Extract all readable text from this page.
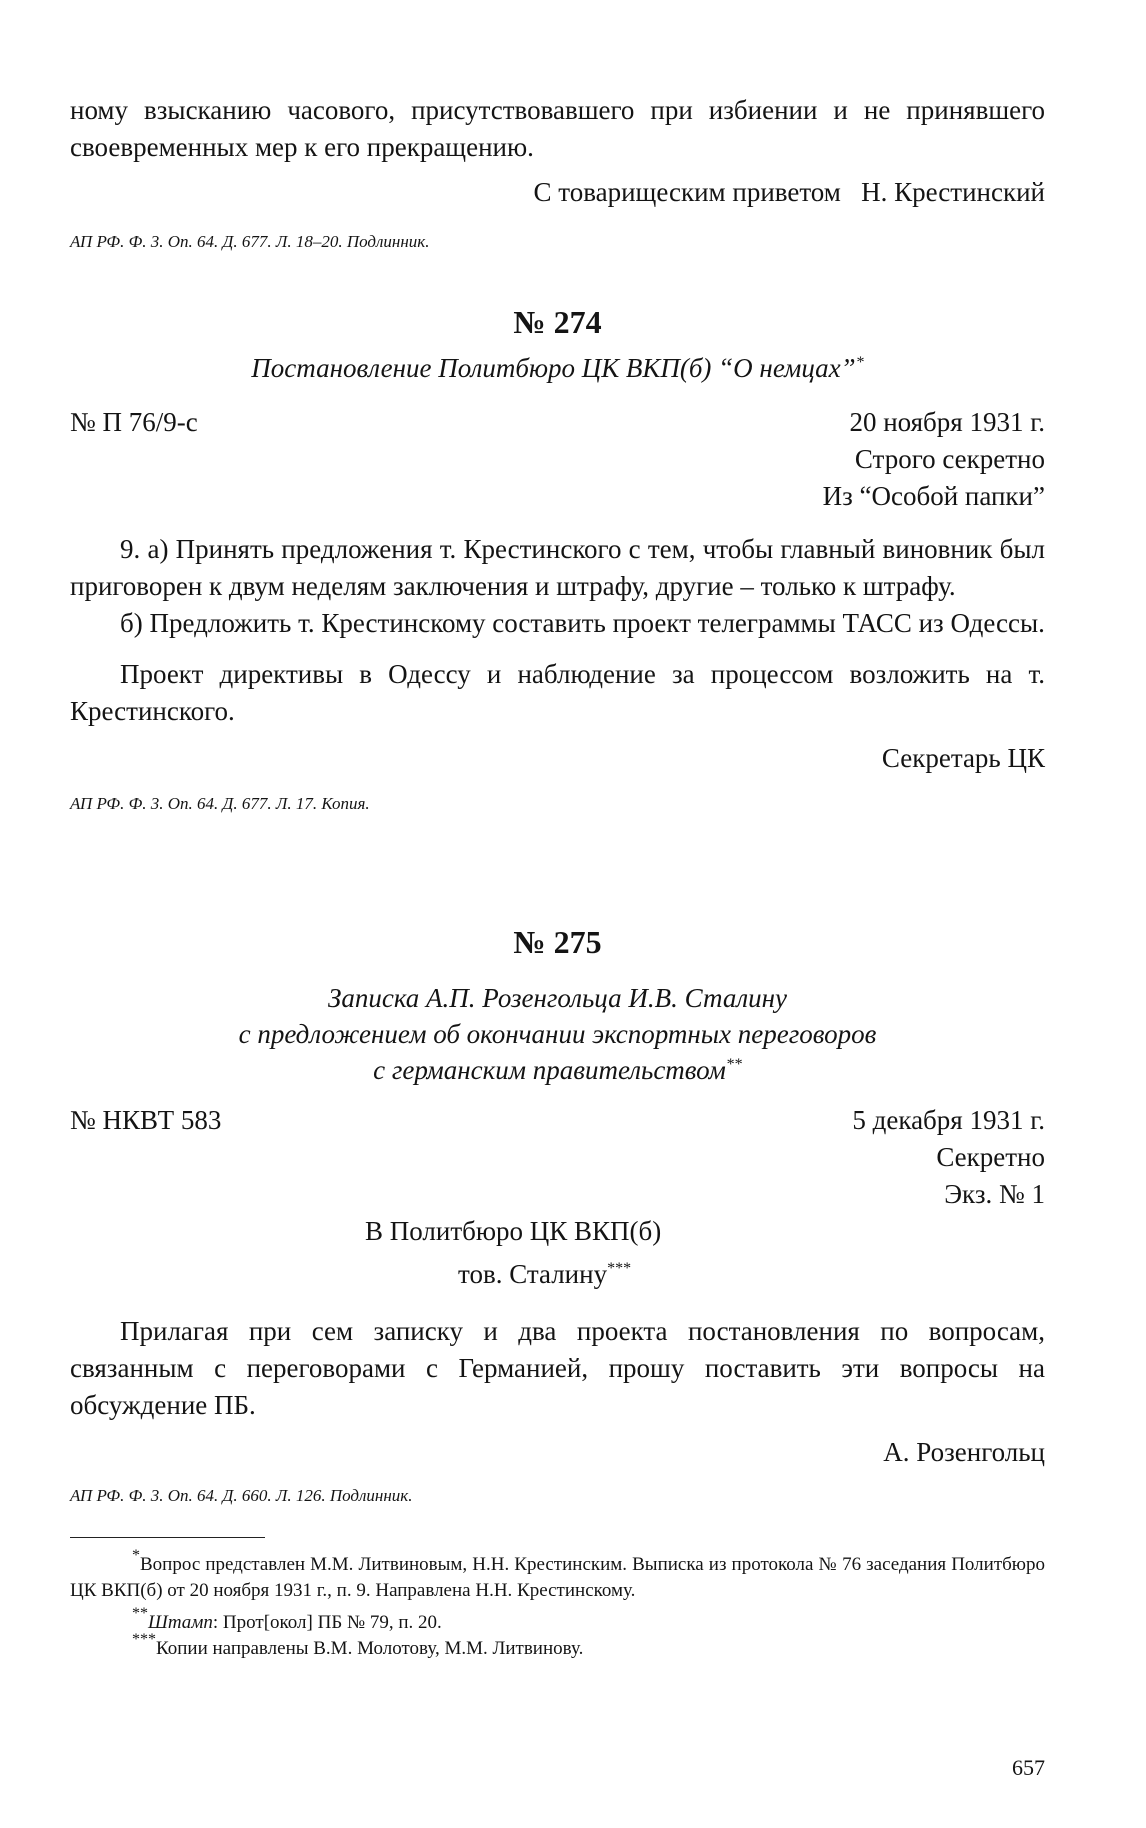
ному взысканию часового, присутствовавшего при избиении и не принявшего своевременных мер к его прекращению.

С товарищеским приветом Н. Крестинский

АП РФ. Ф. 3. Оп. 64. Д. 677. Л. 18–20. Подлинник.

№ 274

Постановление Политбюро ЦК ВКП(б) “О немцах”*

№ П 76/9-с	20 ноября 1931 г.

Строго секретно

Из “Особой папки”

9. а) Принять предложения т. Крестинского с тем, чтобы главный виновник был приговорен к двум неделям заключения и штрафу, другие – только к штрафу.

б) Предложить т. Крестинскому составить проект телеграммы ТАСС из Одессы.

Проект директивы в Одессу и наблюдение за процессом возложить на т. Крестинского.

Секретарь ЦК

АП РФ. Ф. 3. Оп. 64. Д. 677. Л. 17. Копия.

№ 275

Записка А.П. Розенгольца И.В. Сталину

с предложением об окончании экспортных переговоров

с германским правительством**

№ НКВТ 583	5 декабря 1931 г.

Секретно

Экз. № 1

В Политбюро ЦК ВКП(б)

тов. Сталину***

Прилагая при сем записку и два проекта постановления по вопросам, связанным с переговорами с Германией, прошу поставить эти вопросы на обсуждение ПБ.

А. Розенгольц

АП РФ. Ф. 3. Оп. 64. Д. 660. Л. 126. Подлинник.

*Вопрос представлен М.М. Литвиновым, Н.Н. Крестинским. Выписка из протокола № 76 заседания Политбюро ЦК ВКП(б) от 20 ноября 1931 г., п. 9. Направлена Н.Н. Крестинскому.

**Штамп: Прот[окол] ПБ № 79, п. 20.

***Копии направлены В.М. Молотову, М.М. Литвинову.

657
